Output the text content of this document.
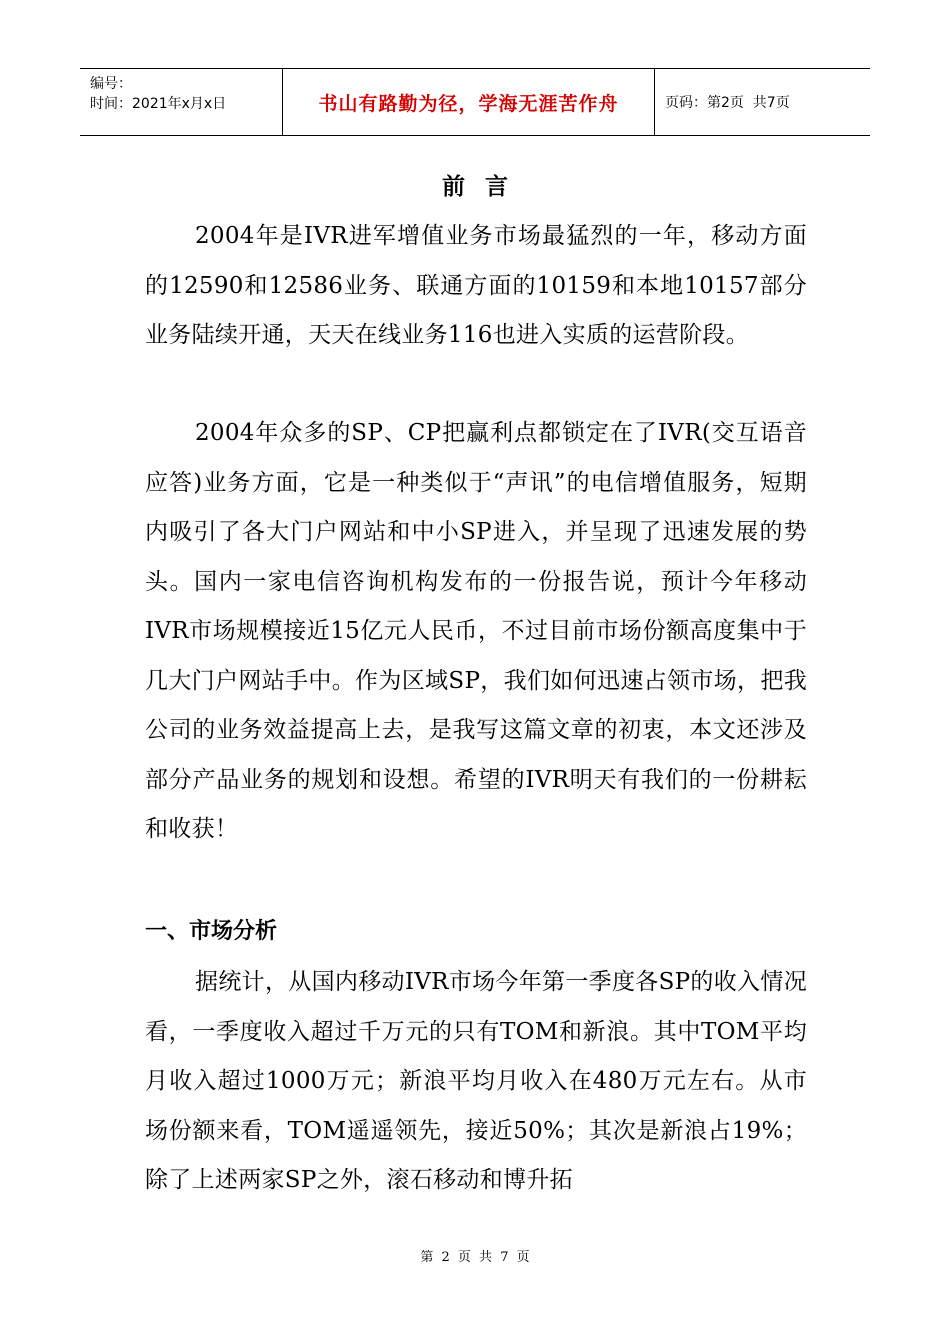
编号：
时间：2021年x月x日	书山有路勤为径，学海无涯苦作舟	页码：第2页  共7页
前言

2004年是IVR进军增值业务市场最猛烈的一年，移动方面的12590和12586业务、联通方面的10159和本地10157部分业务陆续开通，天天在线业务116也进入实质的运营阶段。

2004年众多的SP、CP把赢利点都锁定在了IVR(交互语音应答)业务方面，它是一种类似于“声讯”的电信增值服务，短期内吸引了各大门户网站和中小SP进入，并呈现了迅速发展的势头。国内一家电信咨询机构发布的一份报告说，预计今年移动IVR市场规模接近15亿元人民币，不过目前市场份额高度集中于几大门户网站手中。作为区域SP，我们如何迅速占领市场，把我公司的业务效益提高上去，是我写这篇文章的初衷，本文还涉及部分产品业务的规划和设想。希望的IVR明天有我们的一份耕耘和收获！

一、市场分析

据统计，从国内移动IVR市场今年第一季度各SP的收入情况看，一季度收入超过千万元的只有TOM和新浪。其中TOM平均月收入超过1000万元；新浪平均月收入在480万元左右。从市场份额来看，TOM遥遥领先，接近50%；其次是新浪占19%；除了上述两家SP之外，滚石移动和博升拓

第 2 页 共 7 页
